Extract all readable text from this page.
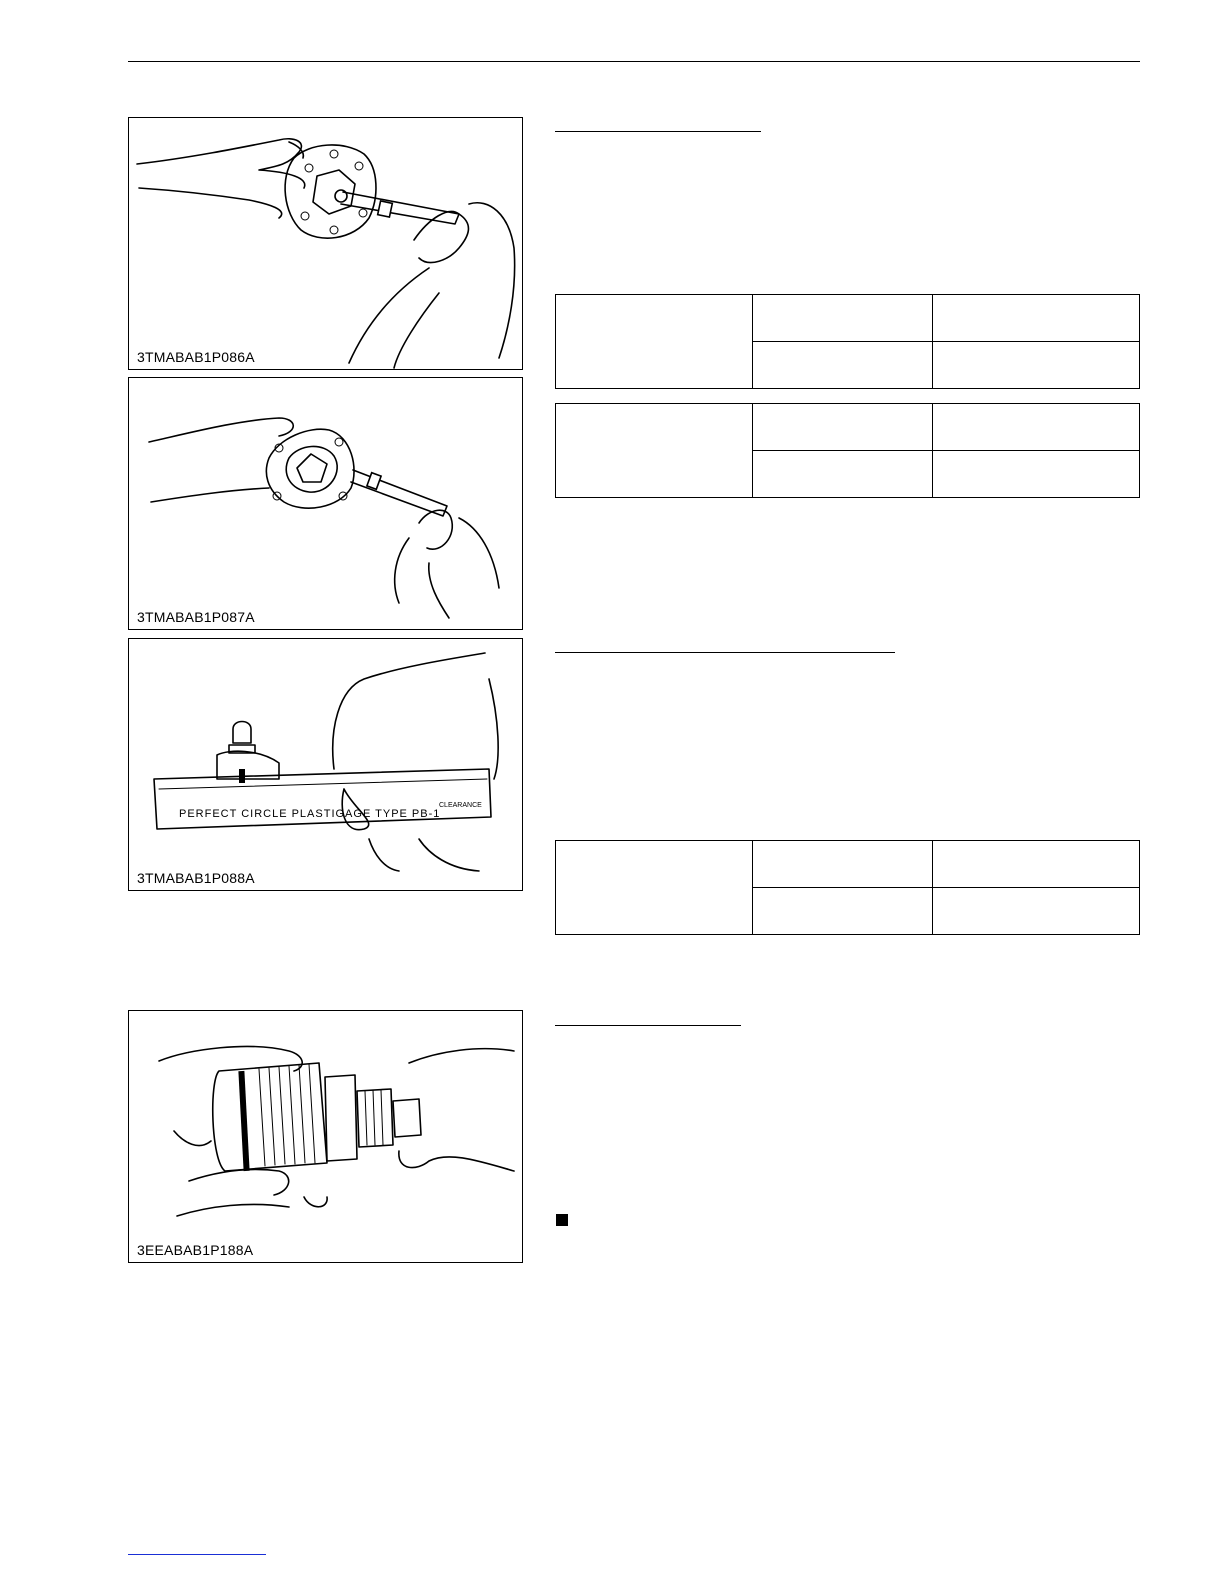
3TMABAB1P086A
3TMABAB1P087A
PERFECT CIRCLE PLASTIGAGE TYPE PB-1
CLEARANCE
3TMABAB1P088A
3EEABAB1P188A
